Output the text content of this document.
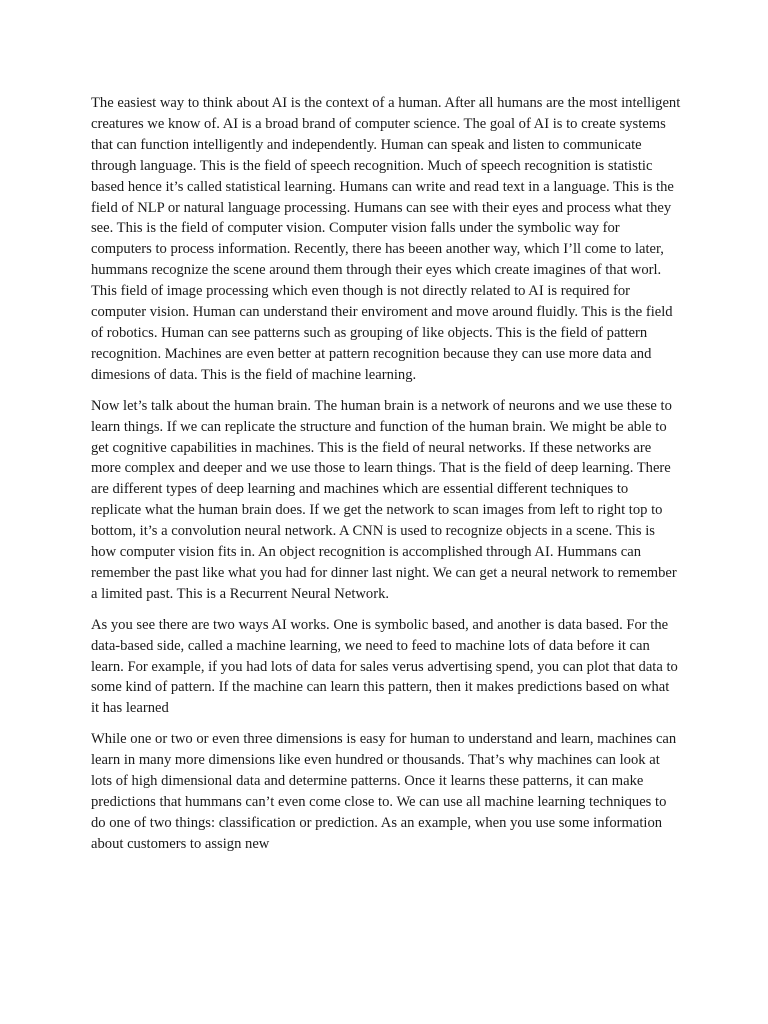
The easiest way to think about AI is the context of a human. After all humans are the most intelligent creatures we know of. AI is a broad brand of computer science. The goal of AI is to create systems that can function intelligently and independently. Human can speak and listen to communicate through language. This is the field of speech recognition. Much of speech recognition is statistic based hence it’s called statistical learning. Humans can write and read text in a language. This is the field of NLP or natural language processing. Humans can see with their eyes and process what they see. This is the field of computer vision. Computer vision falls under the symbolic way for computers to process information. Recently, there has beeen another way, which I’ll come to later, hummans recognize the scene around them through their eyes which create imagines of that worl. This field of image processing which even though is not directly related to AI is required for computer vision. Human can understand their enviroment and move around fluidly. This is the field of robotics. Human can see patterns such as grouping of like objects. This is the field of pattern recognition. Machines are even better at pattern recognition because they can use more data and dimesions of data. This is the field of machine learning.

Now let’s talk about the human brain. The human brain is a network of neurons and we use these to learn things. If we can replicate the structure and function of the human brain. We might be able to get cognitive capabilities in machines. This is the field of neural networks. If these networks are more complex and deeper and we use those to learn things. That is the field of deep learning. There are different types of deep learning and machines which are essential different techniques to replicate what the human brain does. If we get the network to scan images from left to right top to bottom, it’s a convolution neural network. A CNN is used to recognize objects in a scene. This is how computer vision fits in. An object recognition is accomplished through AI. Hummans can remember the past like what you had for dinner last night. We can get a neural network to remember a limited past. This is a Recurrent Neural Network.

As you see there are two ways AI works. One is symbolic based, and another is data based. For the data-based side, called a machine learning, we need to feed to machine lots of data before it can learn. For example, if you had lots of data for sales verus advertising spend, you can plot that data to some kind of pattern. If the machine can learn this pattern, then it makes predictions based on what it has learned

While one or two or even three dimensions is easy for human to understand and learn, machines can learn in many more dimensions like even hundred or thousands. That’s why machines can look at lots of high dimensional data and determine patterns. Once it learns these patterns, it can make predictions that hummans can’t even come close to. We can use all machine learning techniques to do one of two things: classification or prediction. As an example, when you use some information about customers to assign new
